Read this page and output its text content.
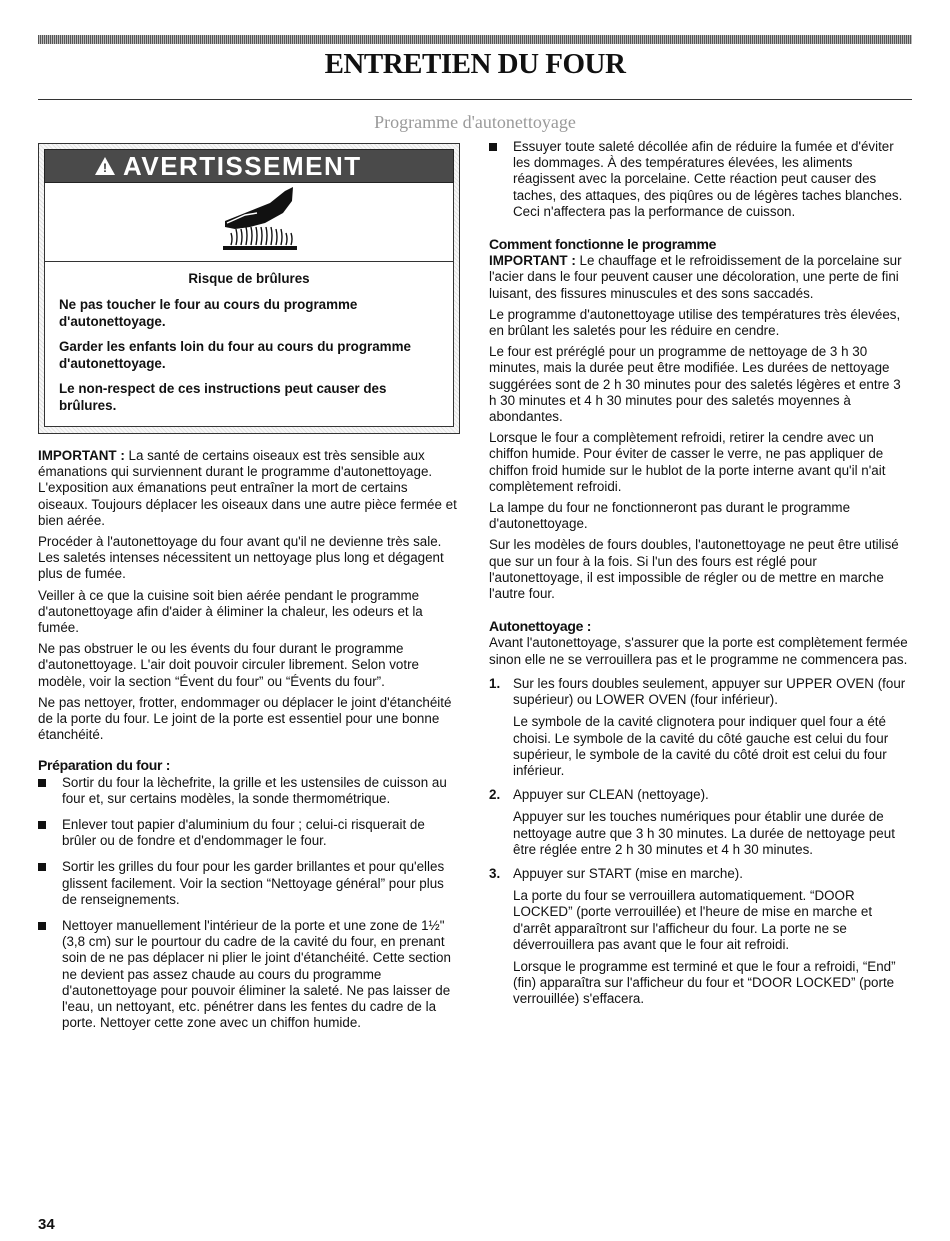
ENTRETIEN DU FOUR
Programme d'autonettoyage
! AVERTISSEMENT

Risque de brûlures

Ne pas toucher le four au cours du programme d'autonettoyage.

Garder les enfants loin du four au cours du programme d'autonettoyage.

Le non-respect de ces instructions peut causer des brûlures.

IMPORTANT : La santé de certains oiseaux est très sensible aux émanations qui surviennent durant le programme d'autonettoyage. L'exposition aux émanations peut entraîner la mort de certains oiseaux. Toujours déplacer les oiseaux dans une autre pièce fermée et bien aérée.

Procéder à l'autonettoyage du four avant qu'il ne devienne très sale. Les saletés intenses nécessitent un nettoyage plus long et dégagent plus de fumée.

Veiller à ce que la cuisine soit bien aérée pendant le programme d'autonettoyage afin d'aider à éliminer la chaleur, les odeurs et la fumée.

Ne pas obstruer le ou les évents du four durant le programme d'autonettoyage. L'air doit pouvoir circuler librement. Selon votre modèle, voir la section “Évent du four” ou “Évents du four”.

Ne pas nettoyer, frotter, endommager ou déplacer le joint d'étanchéité de la porte du four. Le joint de la porte est essentiel pour une bonne étanchéité.

Préparation du four :
Sortir du four la lèchefrite, la grille et les ustensiles de cuisson au four et, sur certains modèles, la sonde thermométrique.
Enlever tout papier d'aluminium du four ; celui-ci risquerait de brûler ou de fondre et d'endommager le four.
Sortir les grilles du four pour les garder brillantes et pour qu'elles glissent facilement. Voir la section “Nettoyage général” pour plus de renseignements.
Nettoyer manuellement l'intérieur de la porte et une zone de 1½" (3,8 cm) sur le pourtour du cadre de la cavité du four, en prenant soin de ne pas déplacer ni plier le joint d'étanchéité. Cette section ne devient pas assez chaude au cours du programme d'autonettoyage pour pouvoir éliminer la saleté. Ne pas laisser de l'eau, un nettoyant, etc. pénétrer dans les fentes du cadre de la porte. Nettoyer cette zone avec un chiffon humide.
Essuyer toute saleté décollée afin de réduire la fumée et d'éviter les dommages. À des températures élevées, les aliments réagissent avec la porcelaine. Cette réaction peut causer des taches, des attaques, des piqûres ou de légères taches blanches. Ceci n'affectera pas la performance de cuisson.
Comment fonctionne le programme

IMPORTANT : Le chauffage et le refroidissement de la porcelaine sur l'acier dans le four peuvent causer une décoloration, une perte de fini luisant, des fissures minuscules et des sons saccadés.

Le programme d'autonettoyage utilise des températures très élevées, en brûlant les saletés pour les réduire en cendre.

Le four est préréglé pour un programme de nettoyage de 3 h 30 minutes, mais la durée peut être modifiée. Les durées de nettoyage suggérées sont de 2 h 30 minutes pour des saletés légères et entre 3 h 30 minutes et 4 h 30 minutes pour des saletés moyennes à abondantes.

Lorsque le four a complètement refroidi, retirer la cendre avec un chiffon humide. Pour éviter de casser le verre, ne pas appliquer de chiffon froid humide sur le hublot de la porte interne avant qu'il n'ait complètement refroidi.

La lampe du four ne fonctionneront pas durant le programme d'autonettoyage.

Sur les modèles de fours doubles, l'autonettoyage ne peut être utilisé que sur un four à la fois. Si l'un des fours est réglé pour l'autonettoyage, il est impossible de régler ou de mettre en marche l'autre four.

Autonettoyage :

Avant l'autonettoyage, s'assurer que la porte est complètement fermée sinon elle ne se verrouillera pas et le programme ne commencera pas.

1. Sur les fours doubles seulement, appuyer sur UPPER OVEN (four supérieur) ou LOWER OVEN (four inférieur).

Le symbole de la cavité clignotera pour indiquer quel four a été choisi. Le symbole de la cavité du côté gauche est celui du four supérieur, le symbole de la cavité du côté droit est celui du four inférieur.

2. Appuyer sur CLEAN (nettoyage).

Appuyer sur les touches numériques pour établir une durée de nettoyage autre que 3 h 30 minutes. La durée de nettoyage peut être réglée entre 2 h 30 minutes et 4 h 30 minutes.

3. Appuyer sur START (mise en marche).

La porte du four se verrouillera automatiquement. “DOOR LOCKED” (porte verrouillée) et l'heure de mise en marche et d'arrêt apparaîtront sur l'afficheur du four. La porte ne se déverrouillera pas avant que le four ait refroidi.

Lorsque le programme est terminé et que le four a refroidi, “End” (fin) apparaîtra sur l'afficheur du four et “DOOR LOCKED” (porte verrouillée) s'effacera.

34
